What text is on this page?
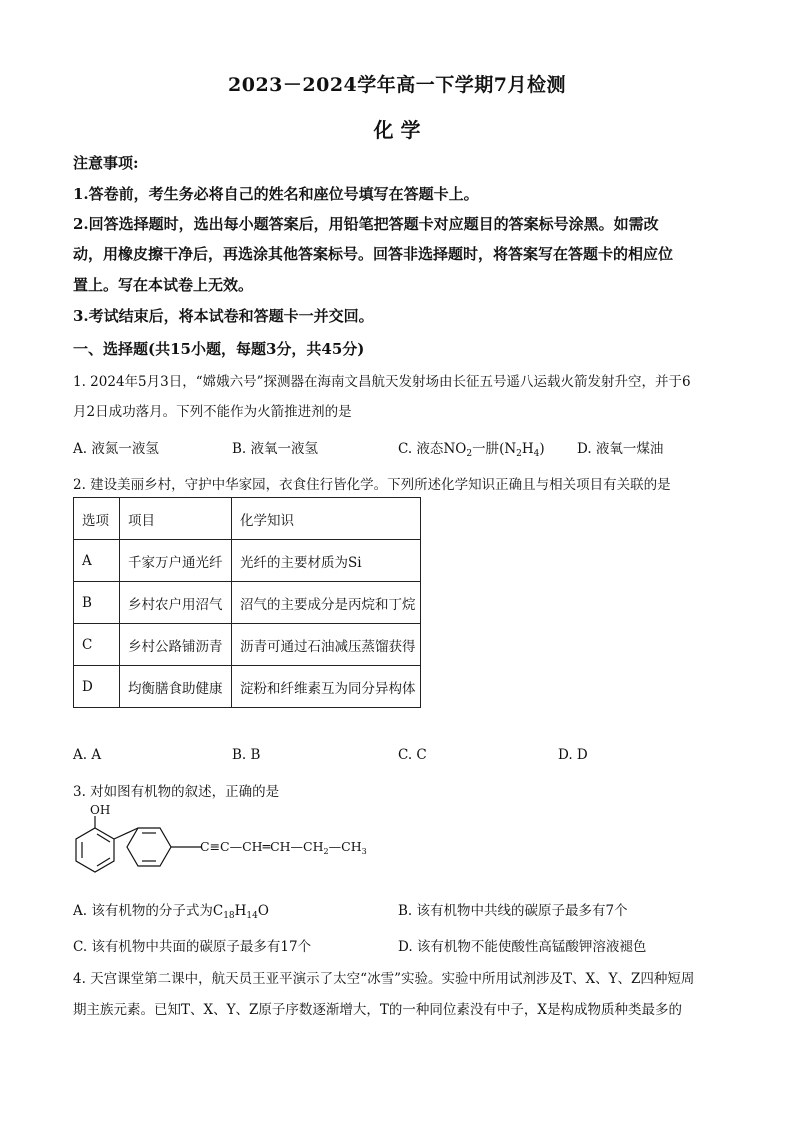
2023－2024学年高一下学期7月检测
化 学
注意事项:
1.答卷前，考生务必将自己的姓名和座位号填写在答题卡上。
2.回答选择题时，选出每小题答案后，用铅笔把答题卡对应题目的答案标号涂黑。如需改
动，用橡皮擦干净后，再选涂其他答案标号。回答非选择题时，将答案写在答题卡的相应位
置上。写在本试卷上无效。
3.考试结束后，将本试卷和答题卡一并交回。
一、选择题(共15小题，每题3分，共45分)
1. 2024年5月3日，“嫦娥六号”探测器在海南文昌航天发射场由长征五号遥八运载火箭发射升空，并于6
月2日成功落月。下列不能作为火箭推进剂的是
A. 液氮一液氢	B. 液氧一液氢	C. 液态$NO_2$一肼$(N_2H_4)$ D. 液氧一煤油
2. 建设美丽乡村，守护中华家园，衣食住行皆化学。下列所述化学知识正确且与相关项目有关联的是
选项	项目	化学知识
A	千家万户通光纤	光纤的主要材质为Si
B	乡村农户用沼气	沼气的主要成分是丙烷和丁烷
C	乡村公路铺沥青	沥青可通过石油减压蒸馏获得
D	均衡膳食助健康	淀粉和纤维素互为同分异构体
A. A	B. B	C. C	D. D
3. 对如图有机物的叙述，正确的是
OH
$C\equiv C—CH═CH—CH_2—CH_3$
A. 该有机物的分子式为$C_{18}H_{14}O$	B. 该有机物中共线的碳原子最多有7个
C. 该有机物中共面的碳原子最多有17个	D. 该有机物不能使酸性高锰酸钾溶液褪色
4. 天宫课堂第二课中，航天员王亚平演示了太空“冰雪”实验。实验中所用试剂涉及T、X、Y、Z四种短周
期主族元素。已知T、X、Y、Z原子序数逐渐增大，T的一种同位素没有中子，X是构成物质种类最多的
